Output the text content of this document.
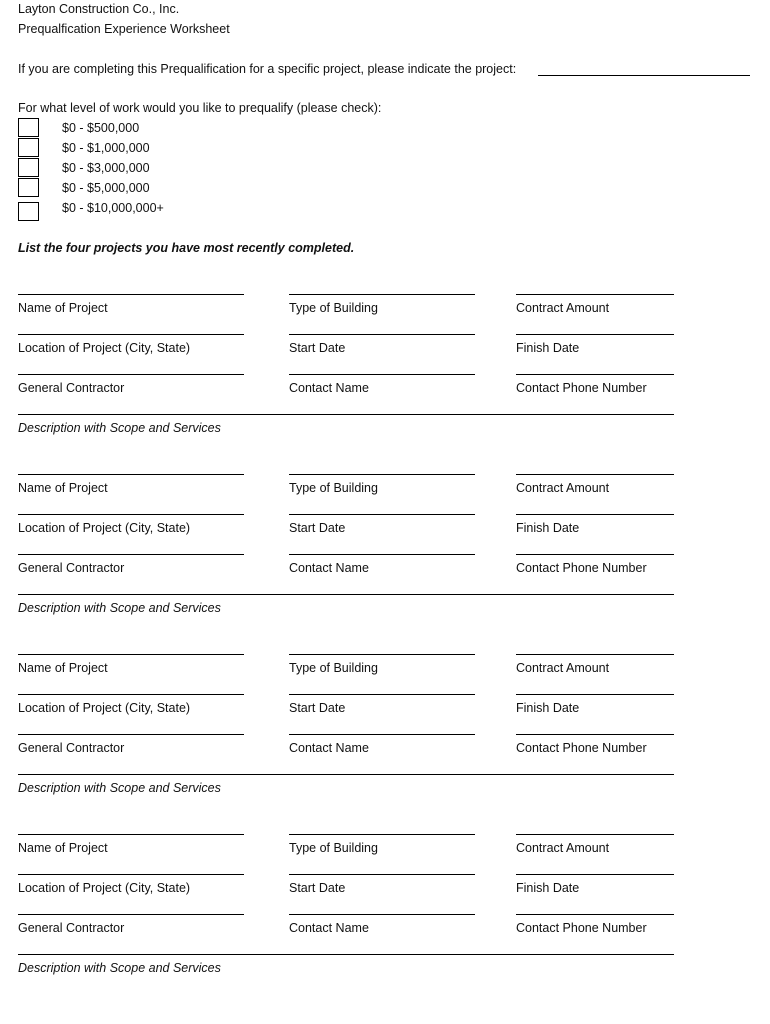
Layton Construction Co., Inc.
Prequalfication Experience Worksheet
If you are completing this Prequalification for a specific project, please indicate the project:
For what level of work would you like to prequalify (please check):
$0 - $500,000
$0 - $1,000,000
$0 - $3,000,000
$0 - $5,000,000
$0 - $10,000,000+
List the four projects you have most recently completed.
Name of Project	Type of Building	Contract Amount
Location of Project (City, State)	Start Date	Finish Date
General Contractor	Contact Name	Contact Phone Number
Description with Scope and Services
Name of Project	Type of Building	Contract Amount
Location of Project (City, State)	Start Date	Finish Date
General Contractor	Contact Name	Contact Phone Number
Description with Scope and Services
Name of Project	Type of Building	Contract Amount
Location of Project (City, State)	Start Date	Finish Date
General Contractor	Contact Name	Contact Phone Number
Description with Scope and Services
Name of Project	Type of Building	Contract Amount
Location of Project (City, State)	Start Date	Finish Date
General Contractor	Contact Name	Contact Phone Number
Description with Scope and Services
